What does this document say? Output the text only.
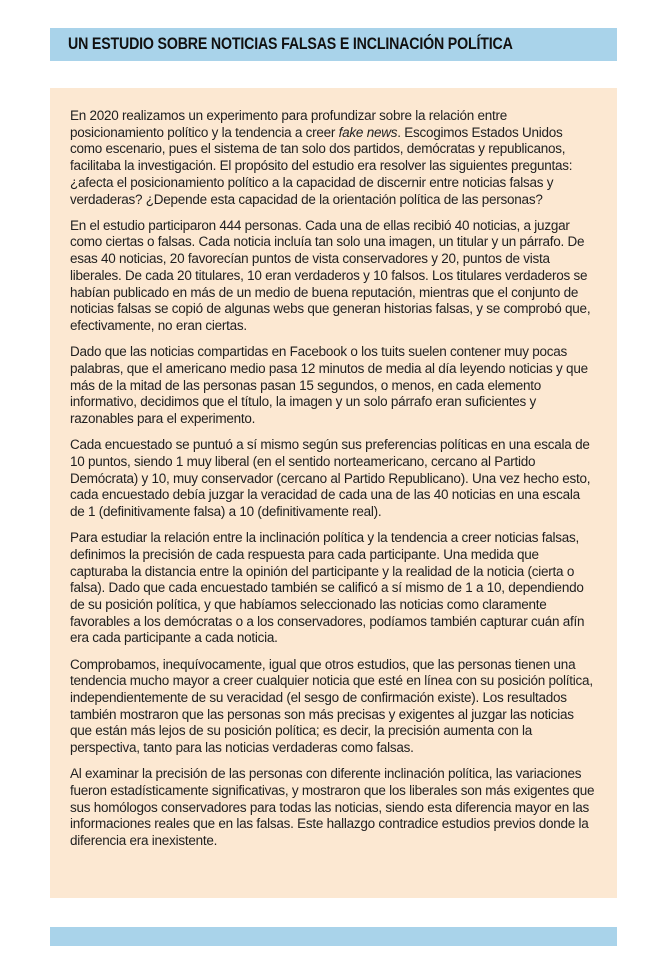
UN ESTUDIO SOBRE NOTICIAS FALSAS E INCLINACIÓN POLÍTICA

En 2020 realizamos un experimento para profundizar sobre la relación entre posicionamiento político y la tendencia a creer fake news. Escogimos Estados Unidos como escenario, pues el sistema de tan solo dos partidos, demócratas y republicanos, facilitaba la investigación. El propósito del estudio era resolver las siguientes preguntas: ¿afecta el posicionamiento político a la capacidad de discernir entre noticias falsas y verdaderas? ¿Depende esta capacidad de la orientación política de las personas?

En el estudio participaron 444 personas. Cada una de ellas recibió 40 noticias, a juzgar como ciertas o falsas. Cada noticia incluía tan solo una imagen, un titular y un párrafo. De esas 40 noticias, 20 favorecían puntos de vista conservadores y 20, puntos de vista liberales. De cada 20 titulares, 10 eran verdaderos y 10 falsos. Los titulares verdaderos se habían publicado en más de un medio de buena reputación, mientras que el conjunto de noticias falsas se copió de algunas webs que generan historias falsas, y se comprobó que, efectivamente, no eran ciertas.

Dado que las noticias compartidas en Facebook o los tuits suelen contener muy pocas palabras, que el americano medio pasa 12 minutos de media al día leyendo noticias y que más de la mitad de las personas pasan 15 segundos, o menos, en cada elemento informativo, decidimos que el título, la imagen y un solo párrafo eran suficientes y razonables para el experimento.

Cada encuestado se puntuó a sí mismo según sus preferencias políticas en una escala de 10 puntos, siendo 1 muy liberal (en el sentido norteamericano, cercano al Partido Demócrata) y 10, muy conservador (cercano al Partido Republicano). Una vez hecho esto, cada encuestado debía juzgar la veracidad de cada una de las 40 noticias en una escala de 1 (definitivamente falsa) a 10 (definitivamente real).

Para estudiar la relación entre la inclinación política y la tendencia a creer noticias falsas, definimos la precisión de cada respuesta para cada participante. Una medida que capturaba la distancia entre la opinión del participante y la realidad de la noticia (cierta o falsa). Dado que cada encuestado también se calificó a sí mismo de 1 a 10, dependiendo de su posición política, y que habíamos seleccionado las noticias como claramente favorables a los demócratas o a los conservadores, podíamos también capturar cuán afín era cada participante a cada noticia.

Comprobamos, inequívocamente, igual que otros estudios, que las personas tienen una tendencia mucho mayor a creer cualquier noticia que esté en línea con su posición política, independientemente de su veracidad (el sesgo de confirmación existe). Los resultados también mostraron que las personas son más precisas y exigentes al juzgar las noticias que están más lejos de su posición política; es decir, la precisión aumenta con la perspectiva, tanto para las noticias verdaderas como falsas.

Al examinar la precisión de las personas con diferente inclinación política, las variaciones fueron estadísticamente significativas, y mostraron que los liberales son más exigentes que sus homólogos conservadores para todas las noticias, siendo esta diferencia mayor en las informaciones reales que en las falsas. Este hallazgo contradice estudios previos donde la diferencia era inexistente.
